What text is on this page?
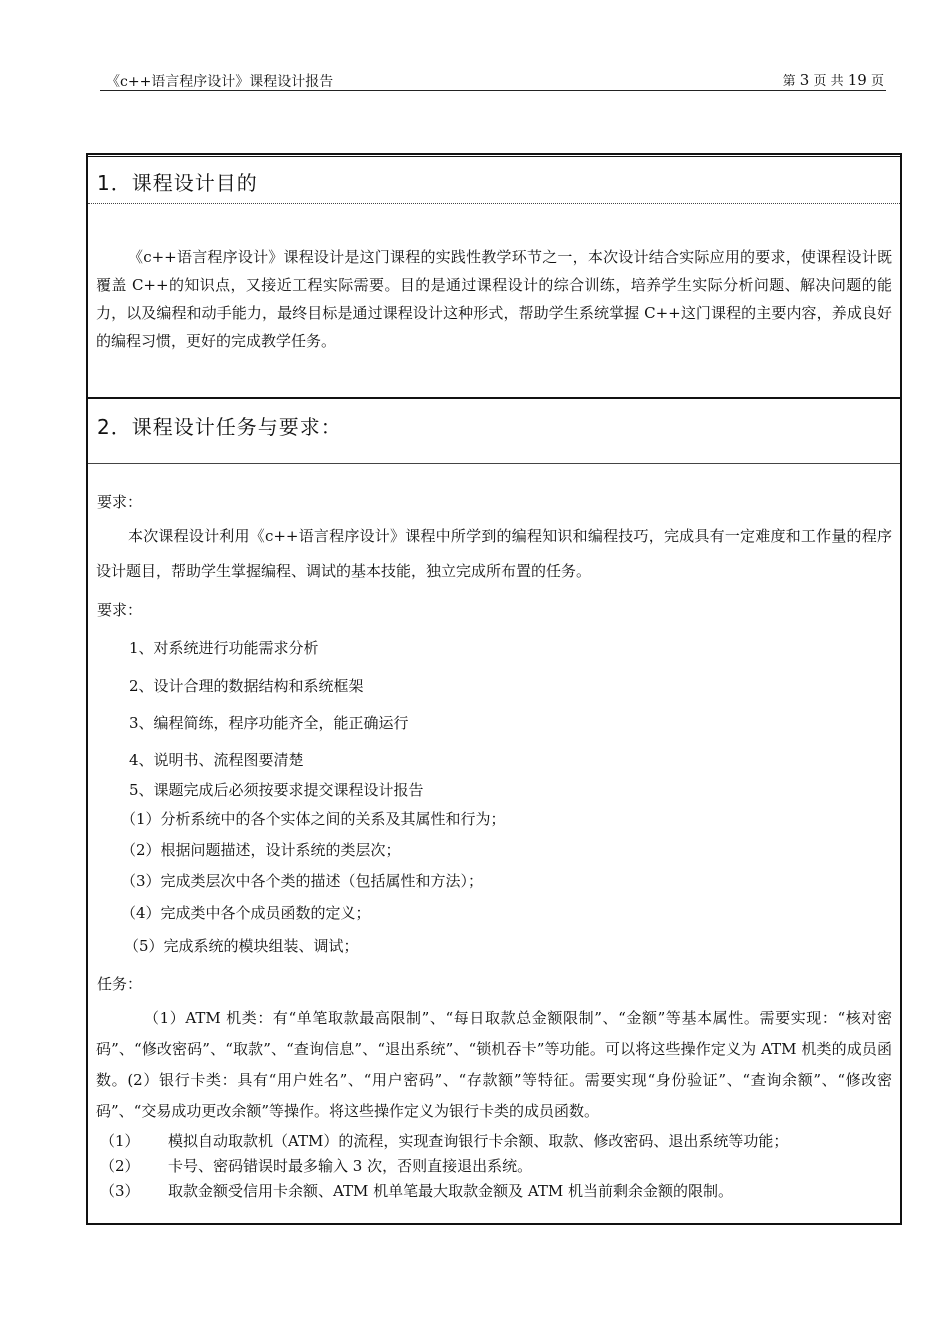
《c++语言程序设计》课程设计报告	第 3 页 共 19 页
1．课程设计目的
《c++语言程序设计》课程设计是这门课程的实践性教学环节之一，本次设计结合实际应用的要求，使课程设计既覆盖 C++的知识点，又接近工程实际需要。目的是通过课程设计的综合训练，培养学生实际分析问题、解决问题的能力，以及编程和动手能力，最终目标是通过课程设计这种形式，帮助学生系统掌握 C++这门课程的主要内容，养成良好的编程习惯，更好的完成教学任务。
2．课程设计任务与要求：
要求：
本次课程设计利用《c++语言程序设计》课程中所学到的编程知识和编程技巧，完成具有一定难度和工作量的程序设计题目，帮助学生掌握编程、调试的基本技能，独立完成所布置的任务。
要求：
1、对系统进行功能需求分析
2、设计合理的数据结构和系统框架
3、编程简练，程序功能齐全，能正确运行
4、说明书、流程图要清楚
5、课题完成后必须按要求提交课程设计报告
（1）分析系统中的各个实体之间的关系及其属性和行为；
（2）根据问题描述，设计系统的类层次；
（3）完成类层次中各个类的描述（包括属性和方法）；
（4）完成类中各个成员函数的定义；
（5）完成系统的模块组装、调试；
任务：
（1）ATM 机类：有“单笔取款最高限制”、“每日取款总金额限制”、“金额”等基本属性。需要实现：“核对密码”、“修改密码”、“取款”、“查询信息”、“退出系统”、“锁机吞卡”等功能。可以将这些操作定义为 ATM 机类的成员函数。(2）银行卡类：具有“用户姓名”、“用户密码”、“存款额”等特征。需要实现“身份验证”、“查询余额”、“修改密码”、“交易成功更改余额”等操作。将这些操作定义为银行卡类的成员函数。
（1） 模拟自动取款机（ATM）的流程，实现查询银行卡余额、取款、修改密码、退出系统等功能；
（2） 卡号、密码错误时最多输入 3 次，否则直接退出系统。
（3） 取款金额受信用卡余额、ATM 机单笔最大取款金额及 ATM 机当前剩余金额的限制。
